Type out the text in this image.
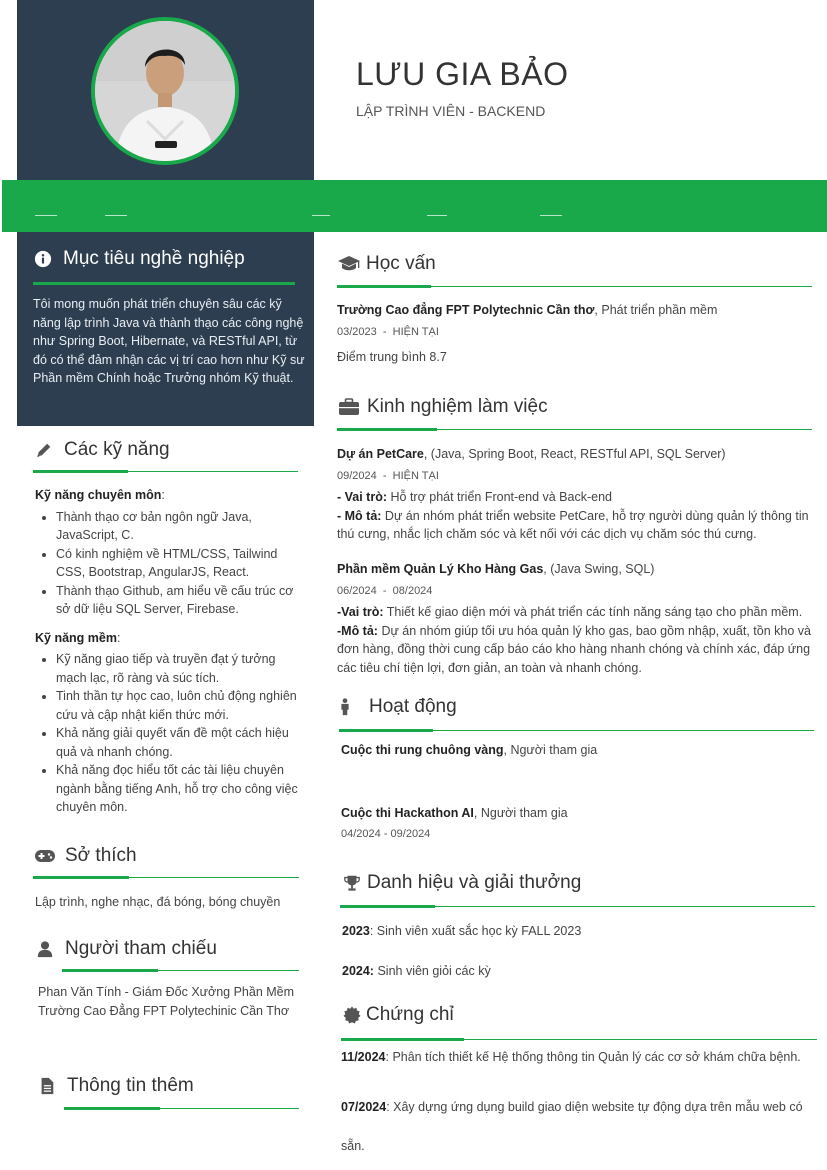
LƯU GIA BẢO
LẬP TRÌNH VIÊN - BACKEND
Mục tiêu nghề nghiệp
Tôi mong muốn phát triển chuyên sâu các kỹ năng lập trình Java và thành thạo các công nghệ như Spring Boot, Hibernate, và RESTful API, từ đó có thể đảm nhận các vị trí cao hơn như Kỹ sư Phần mềm Chính hoặc Trưởng nhóm Kỹ thuật.
Các kỹ năng
Kỹ năng chuyên môn:
• Thành thạo cơ bản ngôn ngữ Java, JavaScript, C.
• Có kinh nghiệm về HTML/CSS, Tailwind CSS, Bootstrap, AngularJS, React.
• Thành thạo Github, am hiểu về cấu trúc cơ sở dữ liệu SQL Server, Firebase.
Kỹ năng mềm:
• Kỹ năng giao tiếp và truyền đạt ý tưởng mạch lạc, rõ ràng và súc tích.
• Tinh thần tự học cao, luôn chủ động nghiên cứu và cập nhật kiến thức mới.
• Khả năng giải quyết vấn đề một cách hiệu quả và nhanh chóng.
• Khả năng đọc hiểu tốt các tài liệu chuyên ngành bằng tiếng Anh, hỗ trợ cho công việc chuyên môn.
Sở thích
Lập trình, nghe nhạc, đá bóng, bóng chuyền
Người tham chiếu
Phan Văn Tính - Giám Đốc Xưởng Phần Mềm
Trường Cao Đẳng FPT Polytechinic Cần Thơ
Thông tin thêm
Học vấn
Trường Cao đẳng FPT Polytechnic Cần thơ, Phát triển phần mềm
03/2023  -  HIỆN TẠI
Điểm trung bình 8.7
Kinh nghiệm làm việc
Dự án PetCare, (Java, Spring Boot, React, RESTful API, SQL Server)
09/2024  -  HIỆN TẠI
- Vai trò: Hỗ trợ phát triển Front-end và Back-end
- Mô tả: Dự án nhóm phát triển website PetCare, hỗ trợ người dùng quản lý thông tin thú cưng, nhắc lịch chăm sóc và kết nối với các dịch vụ chăm sóc thú cưng.
Phần mềm Quản Lý Kho Hàng Gas, (Java Swing, SQL)
06/2024  -  08/2024
-Vai trò: Thiết kế giao diện mới và phát triển các tính năng sáng tạo cho phần mềm.
-Mô tả: Dự án nhóm giúp tối ưu hóa quản lý kho gas, bao gồm nhập, xuất, tồn kho và đơn hàng, đồng thời cung cấp báo cáo kho hàng nhanh chóng và chính xác, đáp ứng các tiêu chí tiện lợi, đơn giản, an toàn và nhanh chóng.
Hoạt động
Cuộc thi rung chuông vàng, Người tham gia
Cuộc thi Hackathon AI, Người tham gia
04/2024 - 09/2024
Danh hiệu và giải thưởng
2023: Sinh viên xuất sắc học kỳ FALL 2023
2024: Sinh viên giỏi các kỳ
Chứng chỉ
11/2024: Phân tích thiết kế Hệ thống thông tin Quản lý các cơ sở khám chữa bệnh.
07/2024: Xây dựng ứng dụng build giao diện website tự động dựa trên mẫu web có sẵn.
